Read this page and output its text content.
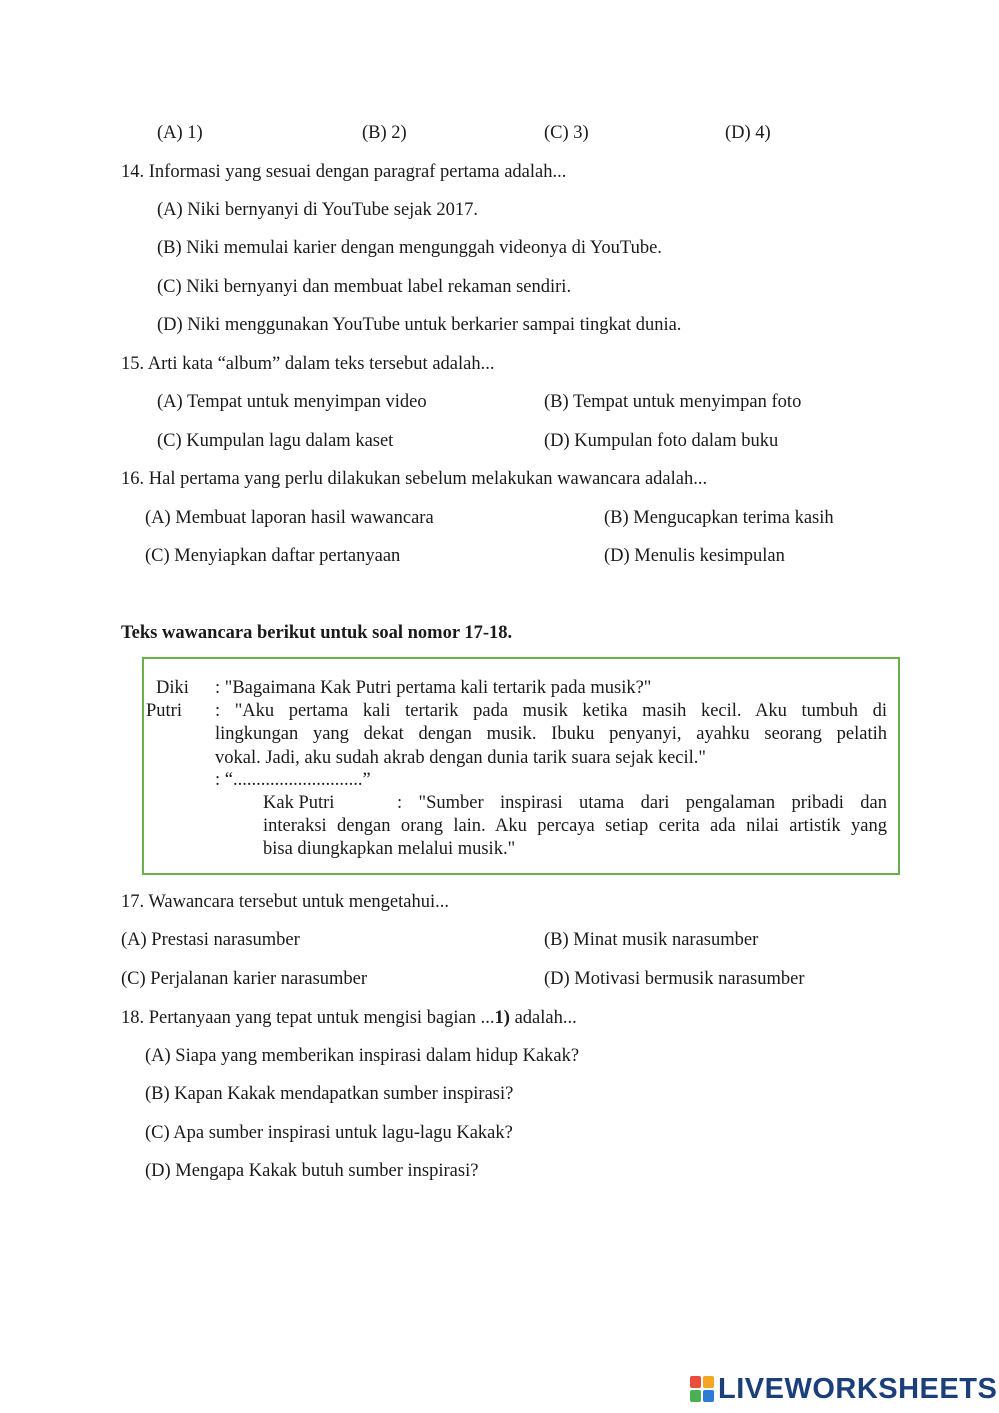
(A) 1)	(B) 2)	(C) 3)	(D) 4)
14. Informasi yang sesuai dengan paragraf pertama adalah...
(A) Niki bernyanyi di YouTube sejak 2017.
(B) Niki memulai karier dengan mengunggah videonya di YouTube.
(C) Niki bernyanyi dan membuat label rekaman sendiri.
(D) Niki menggunakan YouTube untuk berkarier sampai tingkat dunia.
15. Arti kata “album” dalam teks tersebut adalah...
(A) Tempat untuk menyimpan video	(B) Tempat untuk menyimpan foto
(C) Kumpulan lagu dalam kaset	(D) Kumpulan foto dalam buku
16. Hal pertama yang perlu dilakukan sebelum melakukan wawancara adalah...
(A) Membuat laporan hasil wawancara	(B) Mengucapkan terima kasih
(C) Menyiapkan daftar pertanyaan	(D) Menulis kesimpulan
Teks wawancara berikut untuk soal nomor 17-18.
Diki : "Bagaimana Kak Putri pertama kali tertarik pada musik?"
Putri : "Aku pertama kali tertarik pada musik ketika masih kecil. Aku tumbuh di
lingkungan yang dekat dengan musik. Ibuku penyanyi, ayahku seorang pelatih
vokal. Jadi, aku sudah akrab dengan dunia tarik suara sejak kecil."
: “............................”
Kak Putri	: "Sumber inspirasi utama dari pengalaman pribadi dan
interaksi dengan orang lain. Aku percaya setiap cerita ada nilai artistik yang
bisa diungkapkan melalui musik."
17. Wawancara tersebut untuk mengetahui...
(A) Prestasi narasumber	(B) Minat musik narasumber
(C) Perjalanan karier narasumber	(D) Motivasi bermusik narasumber
18. Pertanyaan yang tepat untuk mengisi bagian ...1) adalah...
(A) Siapa yang memberikan inspirasi dalam hidup Kakak?
(B) Kapan Kakak mendapatkan sumber inspirasi?
(C) Apa sumber inspirasi untuk lagu-lagu Kakak?
(D) Mengapa Kakak butuh sumber inspirasi?
LIVEWORKSHEETS
